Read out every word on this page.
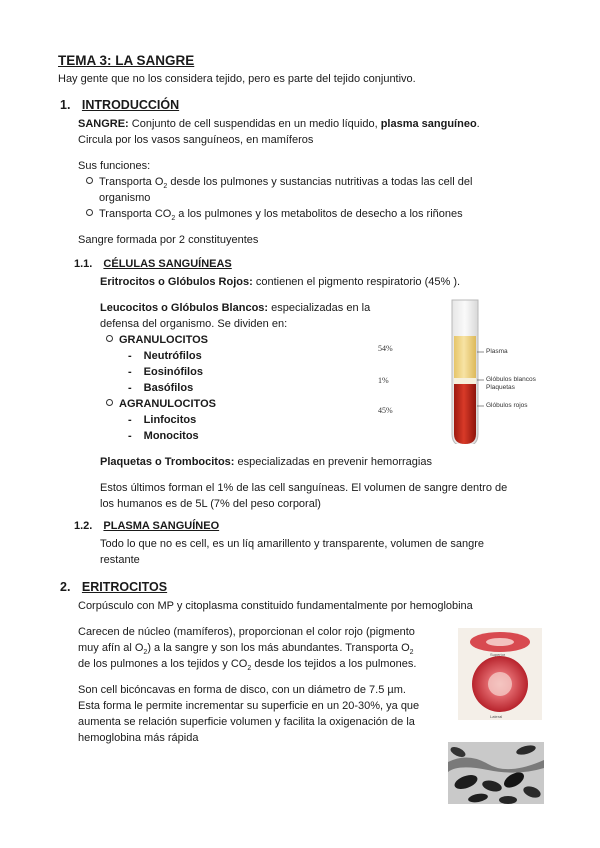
TEMA 3: LA SANGRE
Hay gente que no los considera tejido, pero es parte del tejido conjuntivo.
1. INTRODUCCIÓN
SANGRE: Conjunto de cell suspendidas en un medio líquido, plasma sanguíneo.
Circula por los vasos sanguíneos, en mamíferos
Sus funciones:
Transporta $O_2$ desde los pulmones y sustancias nutritivas a todas las cell del
organismo
Transporta $CO_2$ a los pulmones y los metabolitos de desecho a los riñones
Sangre formada por 2 constituyentes
1.1. CÉLULAS SANGUÍNEAS
Eritrocitos o Glóbulos Rojos: contienen el pigmento respiratorio (45% ).
Leucocitos o Glóbulos Blancos: especializadas en la
defensa del organismo. Se dividen en:
GRANULOCITOS
- Neutrófilos
- Eosinófilos
- Basófilos
AGRANULOCITOS
- Linfocitos
- Monocitos
54%
1%
45%
Plasma
Glóbulos blancos
Plaquetas
Glóbulos rojos
Plaquetas o Trombocitos: especializadas en prevenir hemorragias
Estos últimos forman el 1% de las cell sanguíneas. El volumen de sangre dentro de
los humanos es de 5L (7% del peso corporal)
1.2. PLASMA SANGUÍNEO
Todo lo que no es cell, es un líq amarillento y transparente, volumen de sangre
restante
2. ERITROCITOS
Corpúsculo con MP y citoplasma constituido fundamentalmente por hemoglobina
Carecen de núcleo (mamíferos), proporcionan el color rojo (pigmento
muy afín al $O_2$) a la sangre y son los más abundantes. Transporta $O_2$
de los pulmones a los tejidos y $CO_2$ desde los tejidos a los pulmones.
Son cell bicóncavas en forma de disco, con un diámetro de 7.5 µm.
Esta forma le permite incrementar su superficie en un 20-30%, ya que
aumenta se relación superficie volumen y facilita la oxigenación de la
hemoglobina más rápida
Superior
Lateral
